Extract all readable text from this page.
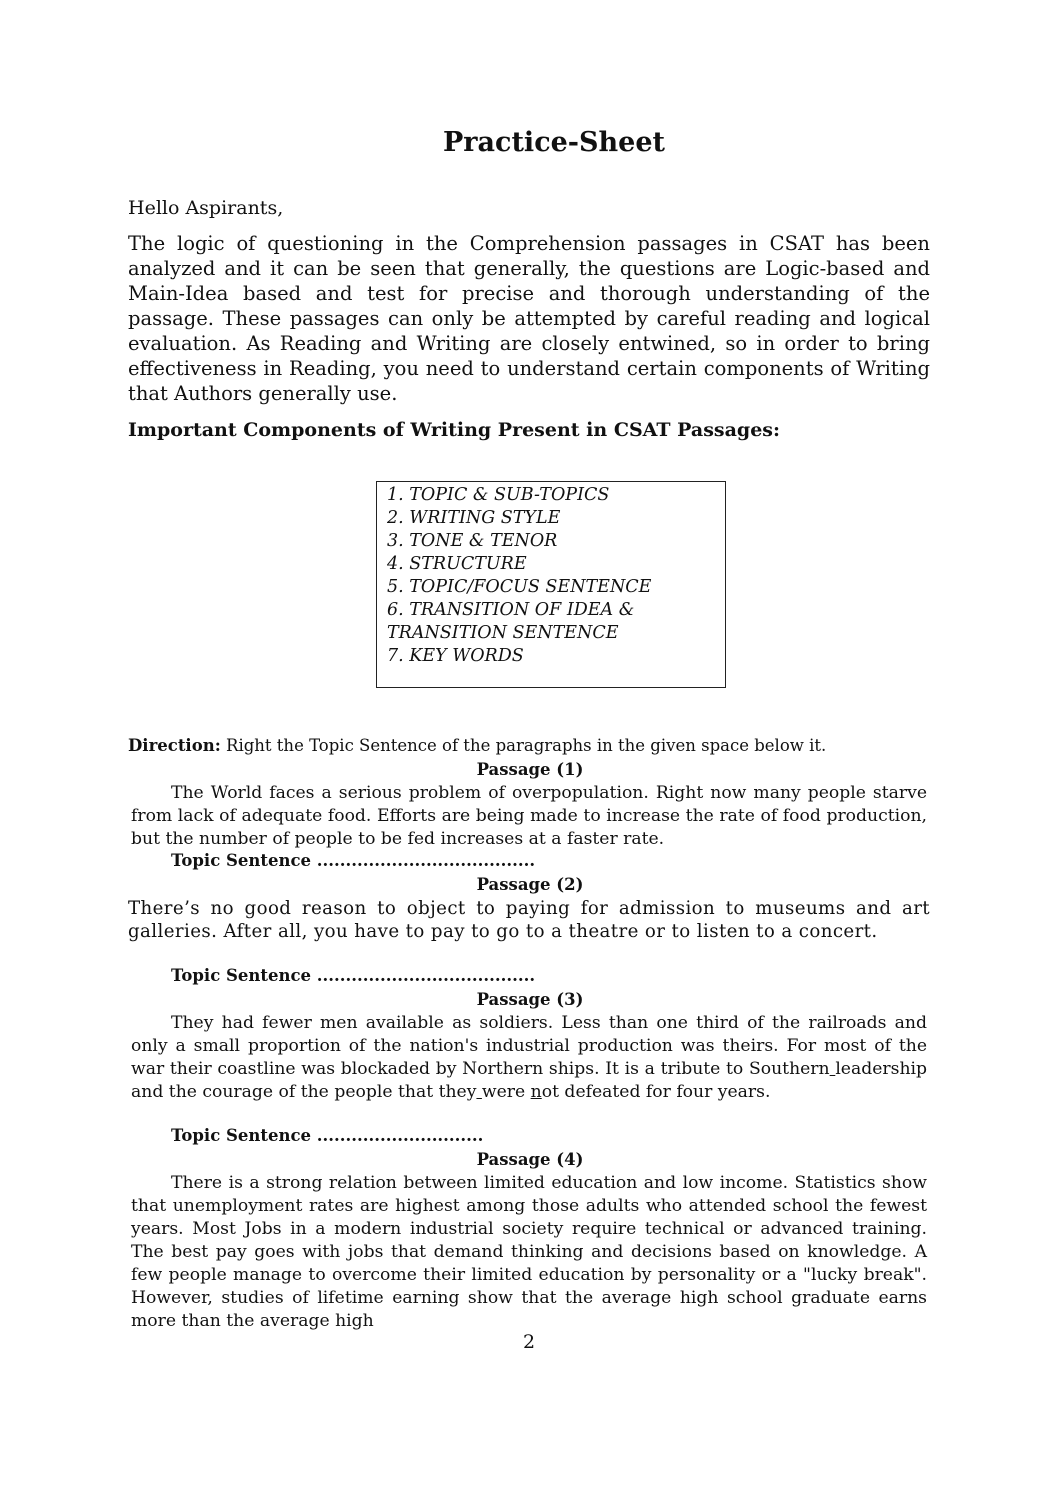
Practice-Sheet
Hello Aspirants,

The logic of questioning in the Comprehension passages in CSAT has been analyzed and it can be seen that generally, the questions are Logic-based and Main-Idea based and test for precise and thorough understanding of the passage. These passages can only be attempted by careful reading and logical evaluation. As Reading and Writing are closely entwined, so in order to bring effectiveness in Reading, you need to understand certain components of Writing that Authors generally use.

Important Components of Writing Present in CSAT Passages:
1. TOPIC & SUB-TOPICS
2. WRITING STYLE
3. TONE & TENOR
4. STRUCTURE
5. TOPIC/FOCUS SENTENCE
6. TRANSITION OF IDEA &
TRANSITION SENTENCE
7. KEY WORDS
Direction: Right the Topic Sentence of the paragraphs in the given space below it.
Passage (1)

The World faces a serious problem of overpopulation. Right now many people starve from lack of adequate food. Efforts are being made to increase the rate of food production, but the number of people to be fed increases at a faster rate.

Topic Sentence ......................................
Passage (2)

There’s no good reason to object to paying for admission to museums and art galleries. After all, you have to pay to go to a theatre or to listen to a concert.

Topic Sentence ......................................
Passage (3)

They had fewer men available as soldiers. Less than one third of the railroads and only a small proportion of the nation's industrial production was theirs. For most of the war their coastline was blockaded by Northern ships. It is a tribute to Southern leadership and the courage of the people that they were not defeated for four years.

Topic Sentence .............................
Passage (4)

There is a strong relation between limited education and low income. Statistics show that unemployment rates are highest among those adults who attended school the fewest years. Most Jobs in a modern industrial society require technical or advanced training. The best pay goes with jobs that demand thinking and decisions based on knowledge. A few people manage to overcome their limited education by personality or a "lucky break". However, studies of lifetime earning show that the average high school graduate earns more than the average high

2
